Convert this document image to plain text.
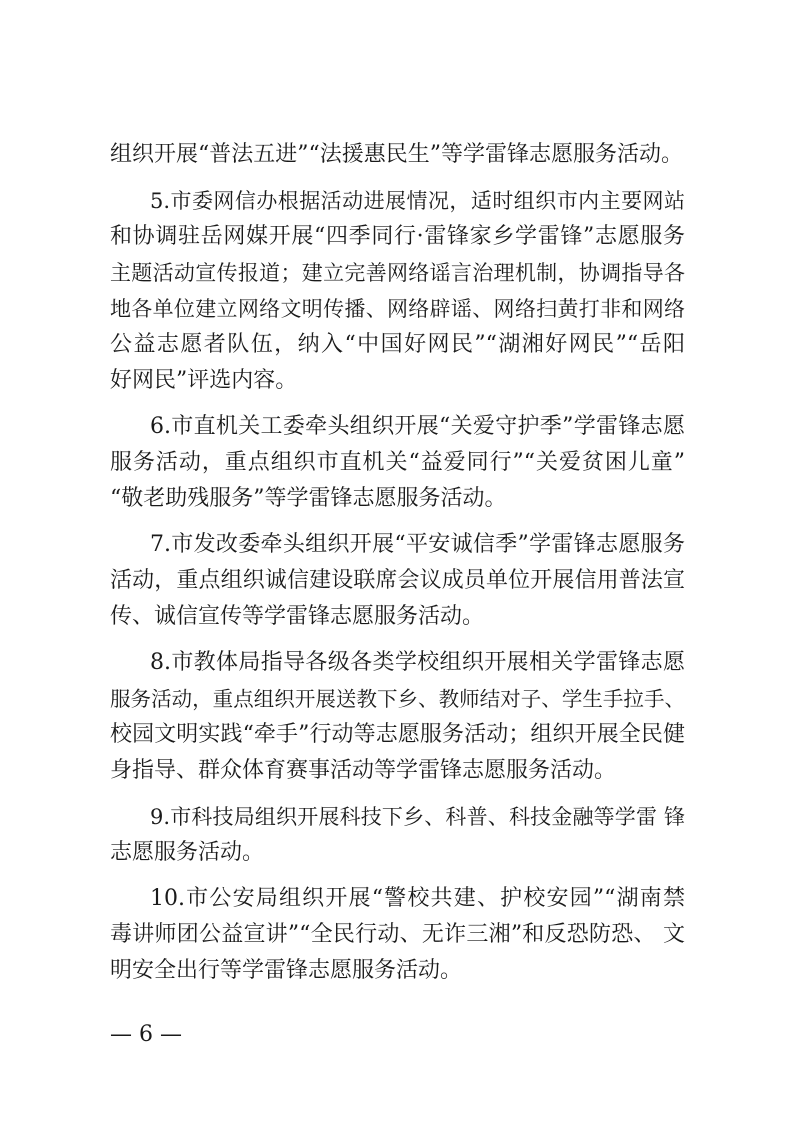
组织开展“普法五进”“法援惠民生”等学雷锋志愿服务活动。
5.市委网信办根据活动进展情况，适时组织市内主要网站
和协调驻岳网媒开展“四季同行·雷锋家乡学雷锋”志愿服务
主题活动宣传报道；建立完善网络谣言治理机制，协调指导各
地各单位建立网络文明传播、网络辟谣、网络扫黄打非和网络
公益志愿者队伍，纳入“中国好网民”“湖湘好网民”“岳阳
好网民”评选内容。
6.市直机关工委牵头组织开展“关爱守护季”学雷锋志愿
服务活动，重点组织市直机关“益爱同行”“关爱贫困儿童”
“敬老助残服务”等学雷锋志愿服务活动。
7.市发改委牵头组织开展“平安诚信季”学雷锋志愿服务
活动，重点组织诚信建设联席会议成员单位开展信用普法宣
传、诚信宣传等学雷锋志愿服务活动。
8.市教体局指导各级各类学校组织开展相关学雷锋志愿
服务活动，重点组织开展送教下乡、教师结对子、学生手拉手、
校园文明实践“牵手”行动等志愿服务活动；组织开展全民健
身指导、群众体育赛事活动等学雷锋志愿服务活动。
9.市科技局组织开展科技下乡、科普、科技金融等学雷 锋
志愿服务活动。
10.市公安局组织开展“警校共建、护校安园”“湖南禁
毒讲师团公益宣讲”“全民行动、无诈三湘”和反恐防恐、 文
明安全出行等学雷锋志愿服务活动。
— 6 —
